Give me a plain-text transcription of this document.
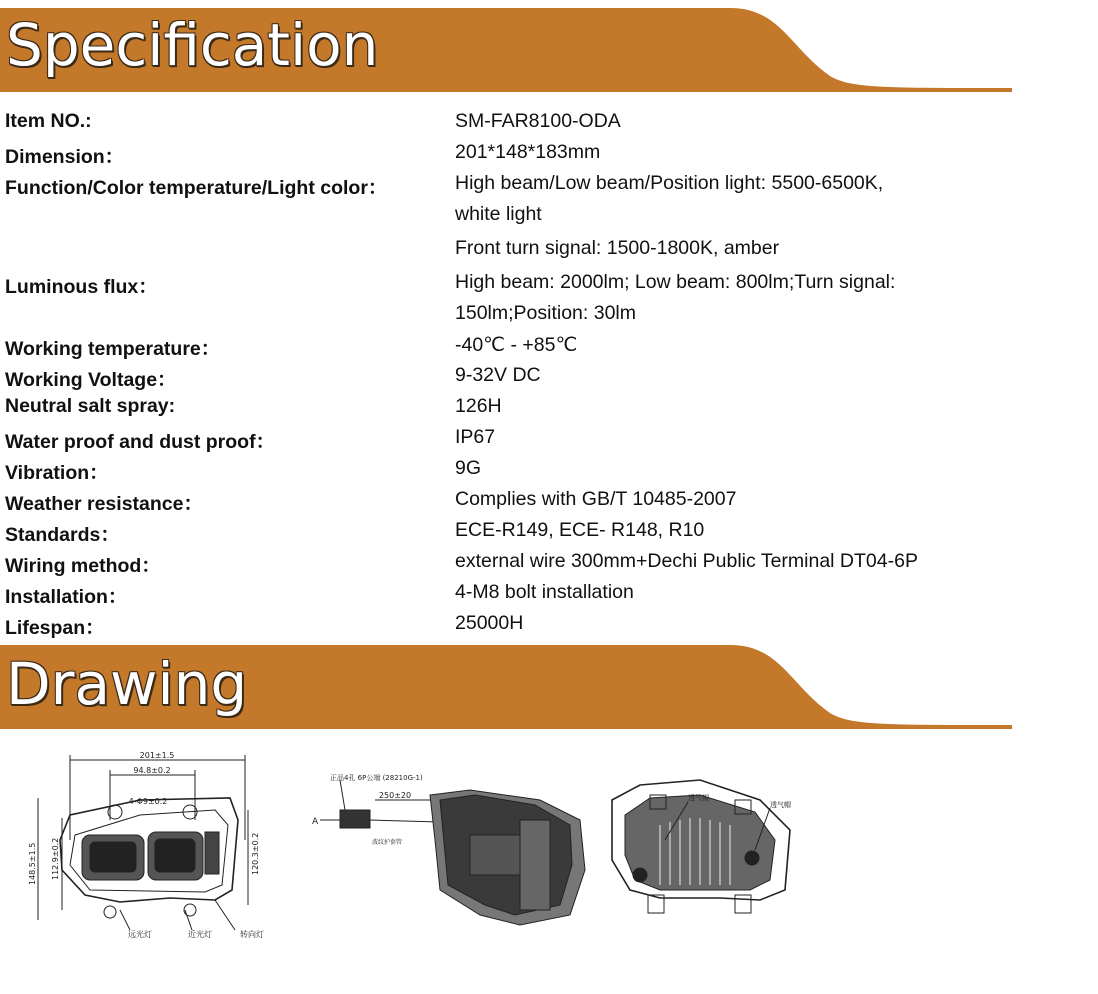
Specification
Item NO.:	SM-FAR8100-ODA
Dimension：	201*148*183mm
Function/Color temperature/Light color：	High beam/Low beam/Position light: 5500-6500K,
white light
Front turn signal: 1500-1800K, amber
Luminous flux：	High beam: 2000lm; Low beam: 800lm;Turn signal:
150lm;Position: 30lm
Working temperature：	-40℃ - +85℃
Working Voltage：	9-32V DC
Neutral salt spray:	126H
Water proof and dust proof：	IP67
Vibration：	9G
Weather resistance：	Complies with GB/T 10485-2007
Standards：	ECE-R149, ECE- R148, R10
Wiring method：	external wire 300mm+Dechi Public Terminal DT04-6P
Installation：	4-M8 bolt installation
Lifespan：	25000H
Drawing
201±1.5
94.8±0.2
4-Φ9±0.2
148.5±1.5 112.9±0.2	120.3±0.2
远光灯	近光灯	转向灯
正品4孔 6P公端 (28210G-1)
250±20
A
波纹护套管
透气帽
透气帽
